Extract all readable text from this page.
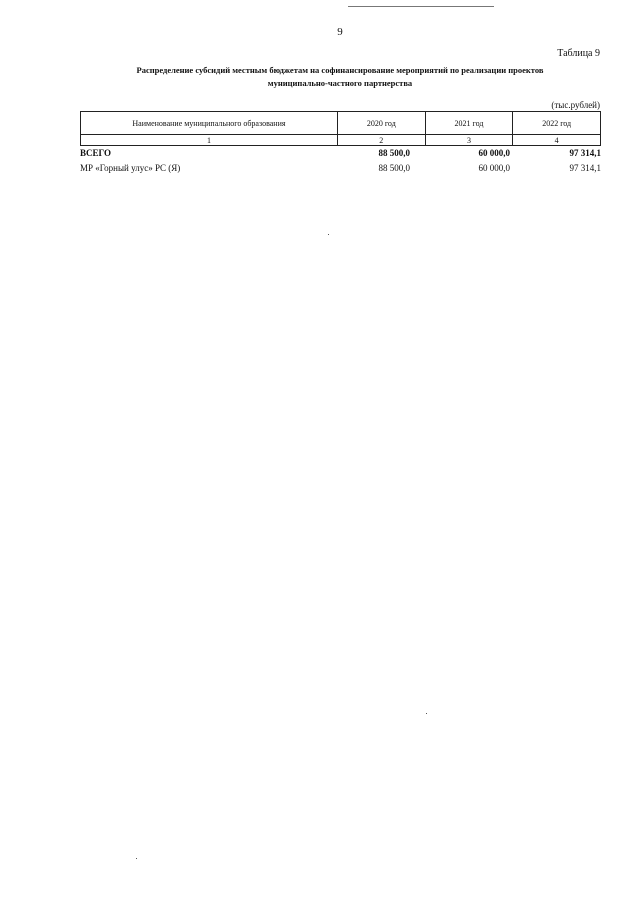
9
Таблица 9
Распределение субсидий местным бюджетам на софинансирование мероприятий по реализации проектов
муниципально-частного партнерства
(тыс.рублей)
Наименование муниципального образования	2020 год	2021 год	2022 год
1	2	3	4
ВСЕГО	88 500,0	60 000,0	97 314,1
МР «Горный улус» РС (Я)	88 500,0	60 000,0	97 314,1
